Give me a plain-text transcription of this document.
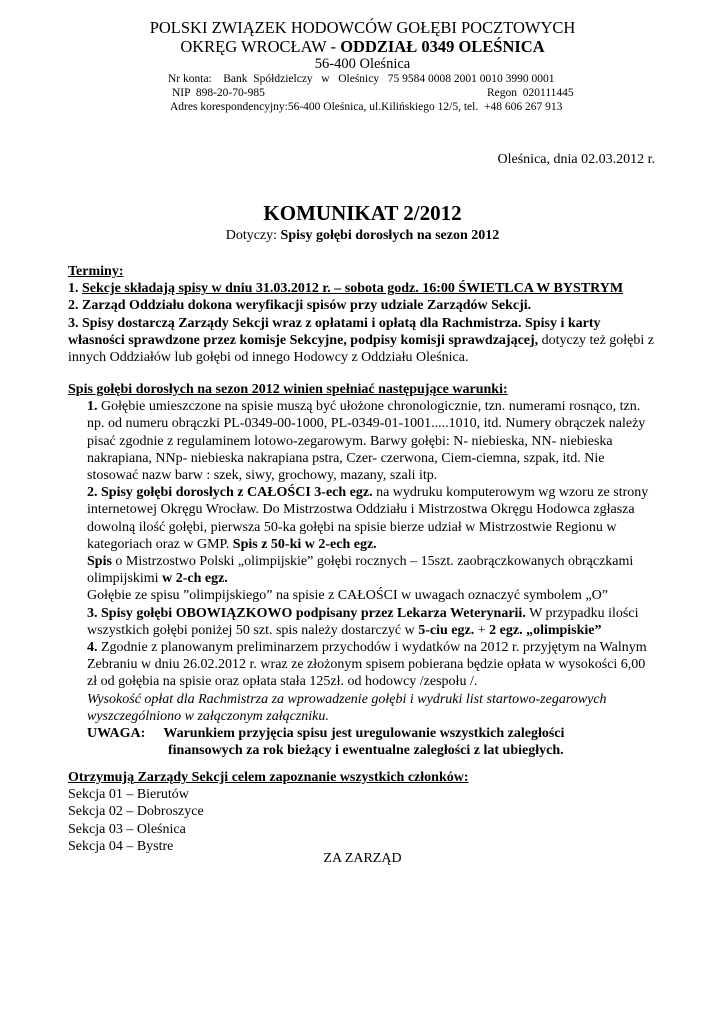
POLSKI ZWIĄZEK HODOWCÓW GOŁĘBI POCZTOWYCH
OKRĘG WROCŁAW - ODDZIAŁ 0349 OLEŚNICA
56-400 Oleśnica
Nr konta:    Bank  Spółdzielczy   w   Oleśnicy   75 9584 0008 2001 0010 3990 0001
NIP  898-20-70-985	Regon  020111445
Adres korespondencyjny:56-400 Oleśnica, ul.Kilińskiego 12/5, tel.  +48 606 267 913
Oleśnica, dnia 02.03.2012 r.
KOMUNIKAT 2/2012
Dotyczy: Spisy gołębi dorosłych na sezon 2012
Terminy:
1. Sekcje składają spisy w dniu 31.03.2012 r. – sobota godz. 16:00 ŚWIETLCA W BYSTRYM
2. Zarząd Oddziału dokona weryfikacji spisów przy udziale Zarządów Sekcji.
3. Spisy dostarczą Zarządy Sekcji wraz z opłatami i opłatą dla Rachmistrza. Spisy i karty
własności sprawdzone przez komisje Sekcyjne, podpisy komisji sprawdzającej, dotyczy też gołębi z
innych Oddziałów lub gołębi od innego Hodowcy z Oddziału Oleśnica.
Spis gołębi dorosłych na sezon 2012 winien spełniać następujące warunki:
1. Gołębie umieszczone na spisie muszą być ułożone chronologicznie, tzn. numerami rosnąco, tzn.
np. od numeru obrączki PL-0349-00-1000, PL-0349-01-1001.....1010, itd. Numery obrączek należy
pisać zgodnie z regulaminem lotowo-zegarowym. Barwy gołębi: N- niebieska, NN- niebieska
nakrapiana, NNp- niebieska nakrapiana pstra, Czer- czerwona, Ciem-ciemna, szpak, itd. Nie
stosować nazw barw : szek, siwy, grochowy, mazany, szali itp.
2. Spisy gołębi dorosłych z CAŁOŚCI 3-ech egz. na wydruku komputerowym wg wzoru ze strony
internetowej Okręgu Wrocław. Do Mistrzostwa Oddziału i Mistrzostwa Okręgu Hodowca zgłasza
dowolną ilość gołębi, pierwsza 50-ka gołębi na spisie bierze udział w Mistrzostwie Regionu w
kategoriach oraz w GMP. Spis z 50-ki w 2-ech egz.
Spis o Mistrzostwo Polski „olimpijskie” gołębi rocznych – 15szt. zaobrączkowanych obrączkami
olimpijskimi w 2-ch egz.
Gołębie ze spisu ”olimpijskiego” na spisie z CAŁOŚCI w uwagach oznaczyć symbolem „O”
3. Spisy gołębi OBOWIĄZKOWO podpisany przez Lekarza Weterynarii. W przypadku ilości
wszystkich gołębi poniżej 50 szt. spis należy dostarczyć w 5-ciu egz. + 2 egz. „olimpiskie”
4. Zgodnie z planowanym preliminarzem przychodów i wydatków na 2012 r. przyjętym na Walnym
Zebraniu w dniu 26.02.2012 r. wraz ze złożonym spisem pobierana będzie opłata w wysokości 6,00
zł od gołębia na spisie oraz opłata stała 125zł. od hodowcy /zespołu /.
Wysokość opłat dla Rachmistrza za wprowadzenie gołębi i wydruki list startowo-zegarowych
wyszczególniono w załączonym załączniku.
UWAGA: Warunkiem przyjęcia spisu jest uregulowanie wszystkich zaległości
finansowych za rok bieżący i ewentualne zaległości z lat ubiegłych.
Otrzymują Zarządy Sekcji celem zapoznanie wszystkich członków:
Sekcja 01 – Bierutów
Sekcja 02 – Dobroszyce
Sekcja 03 – Oleśnica
Sekcja 04 – Bystre
ZA ZARZĄD
